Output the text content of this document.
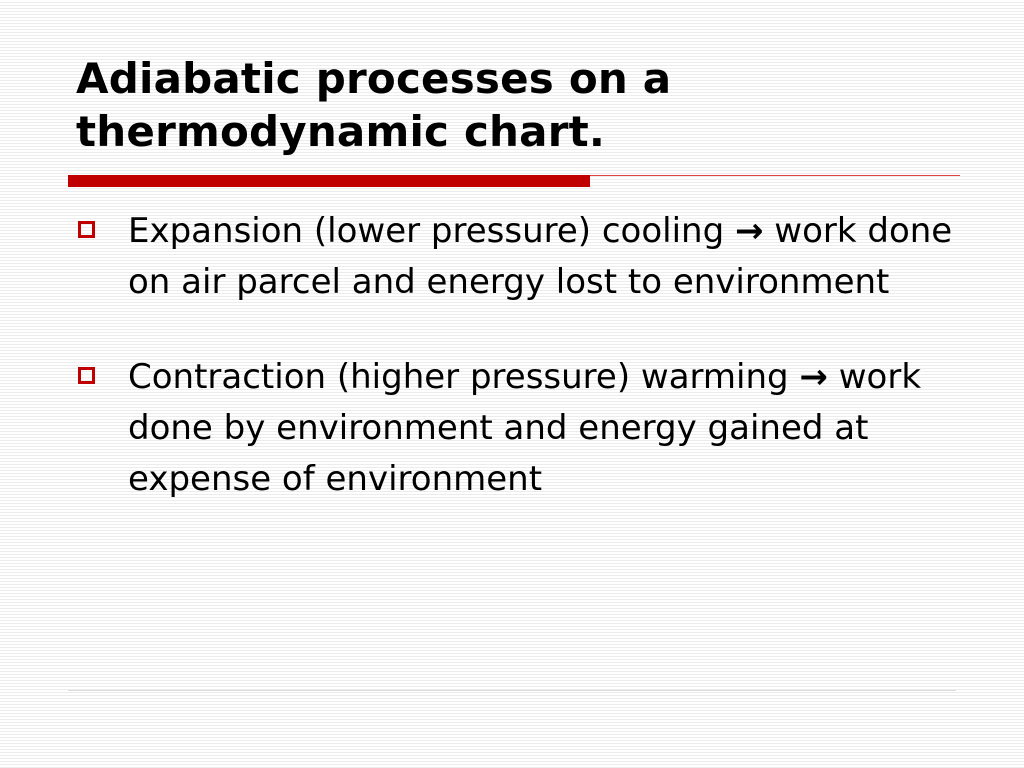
Adiabatic processes on a thermodynamic chart.
Expansion (lower pressure) cooling → work done on air parcel and energy lost to environment
Contraction (higher pressure) warming → work done by environment and energy gained at expense of environment
